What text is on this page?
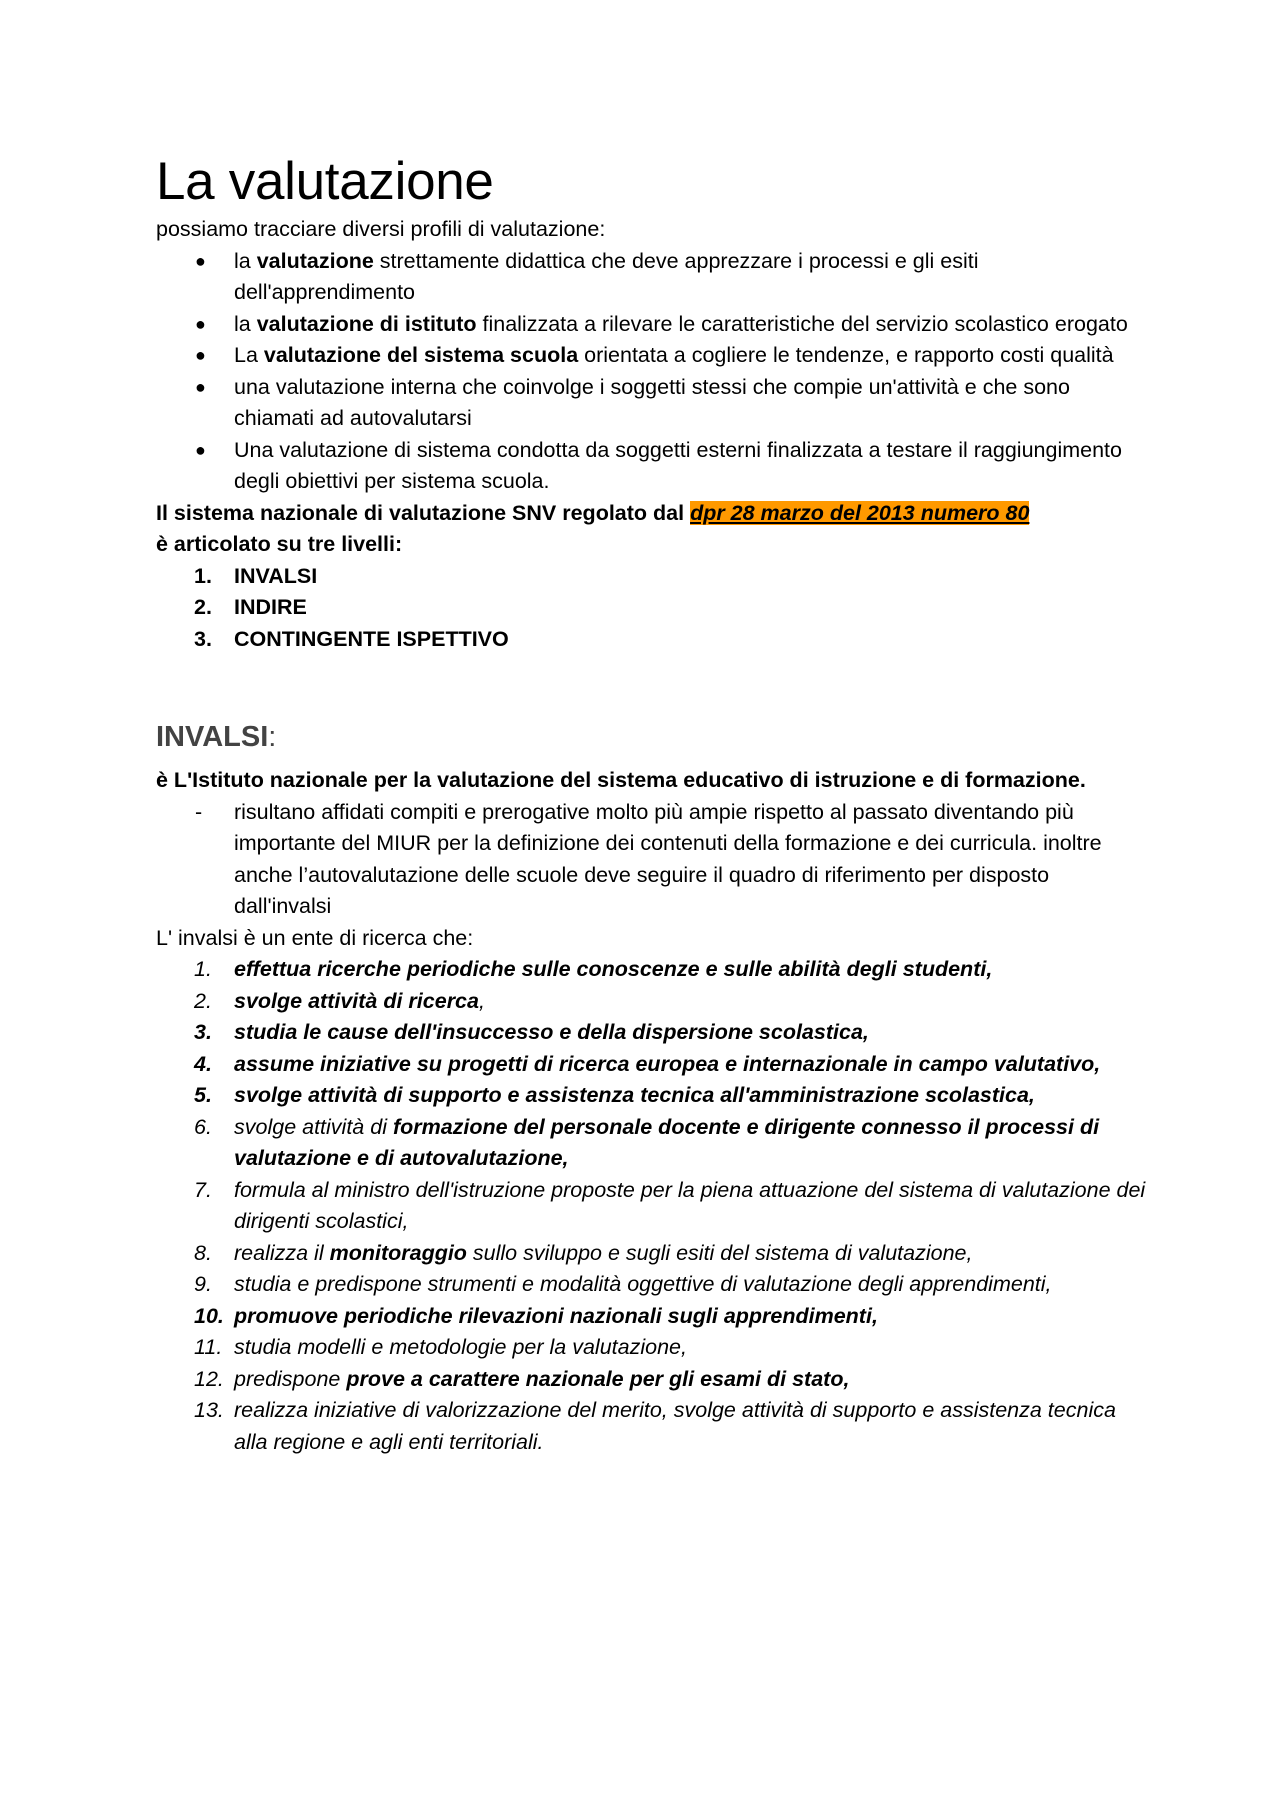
La valutazione

possiamo tracciare diversi profili di valutazione:

● la valutazione strettamente didattica che deve apprezzare i processi e gli esiti dell'apprendimento
● la valutazione di istituto finalizzata a rilevare le caratteristiche del servizio scolastico erogato
● La valutazione del sistema scuola orientata a cogliere le tendenze, e rapporto costi qualità
● una valutazione interna che coinvolge i soggetti stessi che compie un'attività e che sono chiamati ad autovalutarsi
● Una valutazione di sistema condotta da soggetti esterni finalizzata a testare il raggiungimento degli obiettivi per sistema scuola.

Il sistema nazionale di valutazione SNV regolato dal dpr 28 marzo del 2013 numero 80
è articolato su tre livelli:

1. INVALSI
2. INDIRE
3. CONTINGENTE ISPETTIVO
INVALSI:

è L'Istituto nazionale per la valutazione del sistema educativo di istruzione e di formazione.

- risultano affidati compiti e prerogative molto più ampie rispetto al passato diventando più importante del MIUR per la definizione dei contenuti della formazione e dei curricula. inoltre anche l’autovalutazione delle scuole deve seguire il quadro di riferimento per disposto dall'invalsi

L' invalsi è un ente di ricerca che:

1. effettua ricerche periodiche sulle conoscenze e sulle abilità degli studenti,
2. svolge attività di ricerca,
3. studia le cause dell'insuccesso e della dispersione scolastica,
4. assume iniziative su progetti di ricerca europea e internazionale in campo valutativo,
5. svolge attività di supporto e assistenza tecnica all'amministrazione scolastica,
6. svolge attività di formazione del personale docente e dirigente connesso il processi di valutazione e di autovalutazione,
7. formula al ministro dell'istruzione proposte per la piena attuazione del sistema di valutazione dei dirigenti scolastici,
8. realizza il monitoraggio sullo sviluppo e sugli esiti del sistema di valutazione,
9. studia e predispone strumenti e modalità oggettive di valutazione degli apprendimenti,
10. promuove periodiche rilevazioni nazionali sugli apprendimenti,
11. studia modelli e metodologie per la valutazione,
12. predispone prove a carattere nazionale per gli esami di stato,
13. realizza iniziative di valorizzazione del merito, svolge attività di supporto e assistenza tecnica alla regione e agli enti territoriali.
